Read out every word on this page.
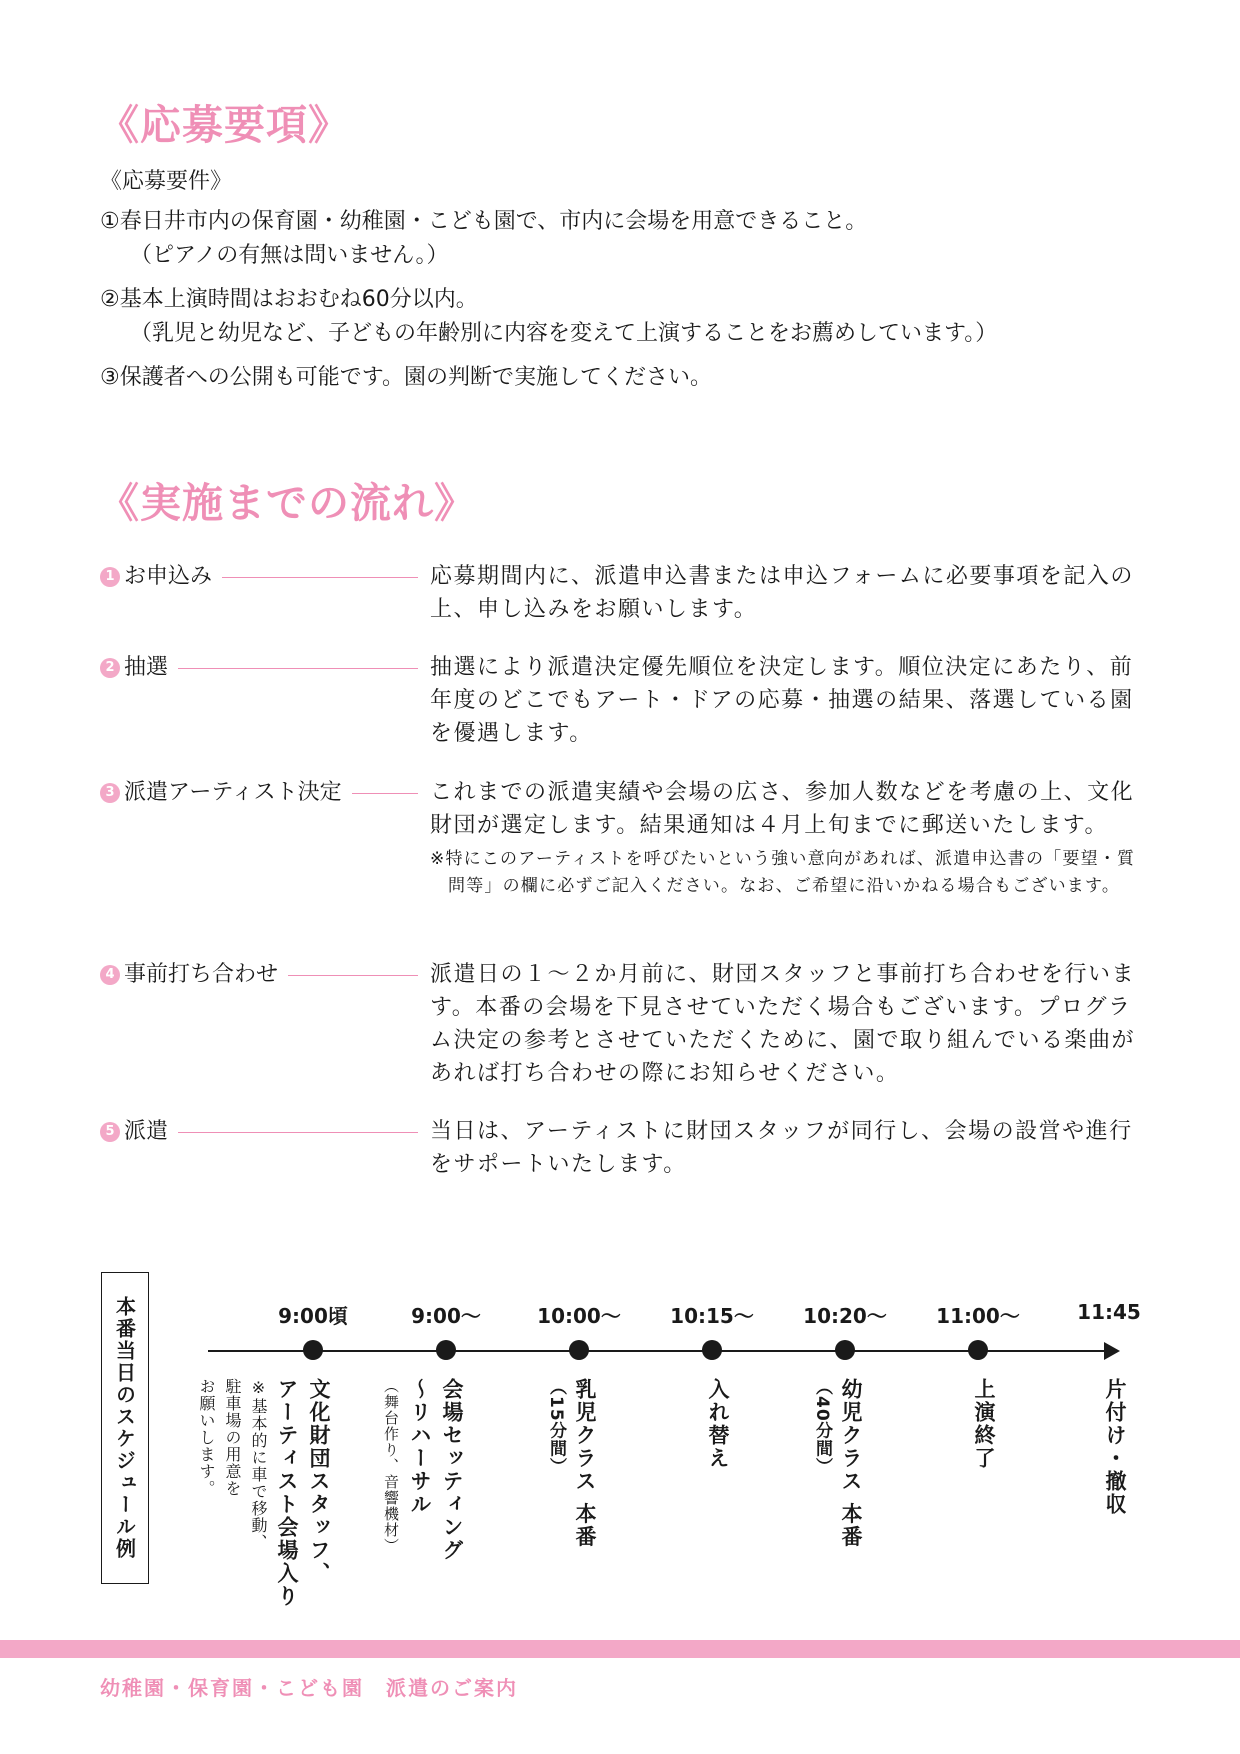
《応募要項》
《応募要件》
①春日井市内の保育園・幼稚園・こども園で、市内に会場を用意できること。
（ピアノの有無は問いません。）
②基本上演時間はおおむね60分以内。
（乳児と幼児など、子どもの年齢別に内容を変えて上演することをお薦めしています。）
③保護者への公開も可能です。園の判断で実施してください。
《実施までの流れ》
1 お申込み	応募期間内に、派遣申込書または申込フォームに必要事項を記入の上、申し込みをお願いします。
2 抽選	抽選により派遣決定優先順位を決定します。順位決定にあたり、前年度のどこでもアート・ドアの応募・抽選の結果、落選している園を優遇します。
3 派遣アーティスト決定	これまでの派遣実績や会場の広さ、参加人数などを考慮の上、文化財団が選定します。結果通知は４月上旬までに郵送いたします。
※特にこのアーティストを呼びたいという強い意向があれば、派遣申込書の「要望・質問等」の欄に必ずご記入ください。なお、ご希望に沿いかねる場合もございます。
4 事前打ち合わせ	派遣日の１～２か月前に、財団スタッフと事前打ち合わせを行います。本番の会場を下見させていただく場合もございます。プログラム決定の参考とさせていただくために、園で取り組んでいる楽曲があれば打ち合わせの際にお知らせください。
5 派遣	当日は、アーティストに財団スタッフが同行し、会場の設営や進行をサポートいたします。
本番当日のスケジュール例	9:00頃
文化財団スタッフ、
アーティスト会場入り
※基本的に車で移動、
駐車場の用意を
お願いします。
9:00～
会場セッティング
～リハーサル
（舞台作り、音響機材）
10:00～
乳児クラス 本番
（15分間）
10:15～
入れ替え
10:20～
幼児クラス 本番
（40分間）
11:00～
上演終了
11:45
片付け・撤収
幼稚園・保育園・こども園　派遣のご案内
